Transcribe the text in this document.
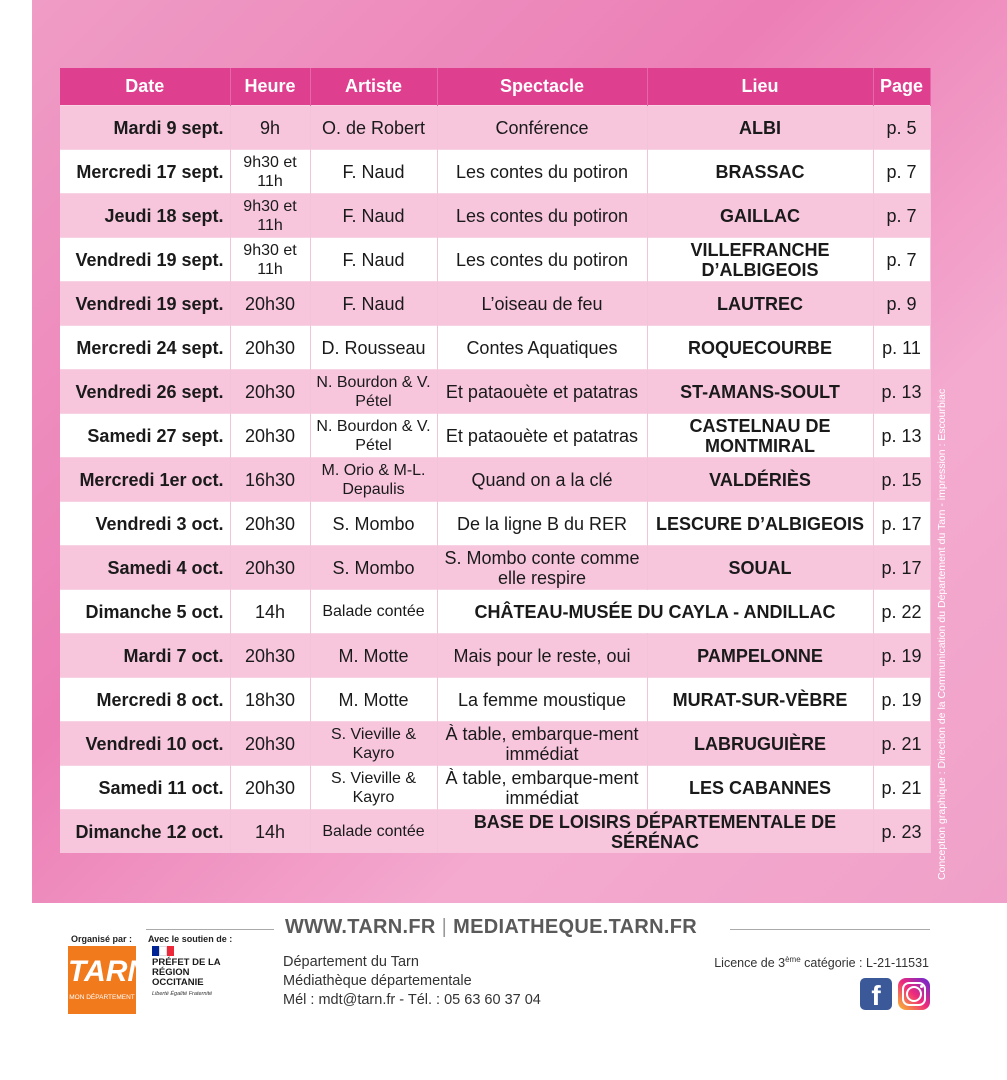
Date	Heure	Artiste	Spectacle	Lieu	Page
Mardi 9 sept.	9h	O. de Robert	Conférence	ALBI	p. 5
Mercredi 17 sept.	9h30 et 11h	F. Naud	Les contes du potiron	BRASSAC	p. 7
Jeudi 18 sept.	9h30 et 11h	F. Naud	Les contes du potiron	GAILLAC	p. 7
Vendredi 19 sept.	9h30 et 11h	F. Naud	Les contes du potiron	VILLEFRANCHE D’ALBIGEOIS	p. 7
Vendredi 19 sept.	20h30	F. Naud	L’oiseau de feu	LAUTREC	p. 9
Mercredi 24 sept.	20h30	D. Rousseau	Contes Aquatiques	ROQUECOURBE	p. 11
Vendredi 26 sept.	20h30	N. Bourdon & V. Pétel	Et pataouète et patatras	ST-AMANS-SOULT	p. 13
Samedi 27 sept.	20h30	N. Bourdon & V. Pétel	Et pataouète et patatras	CASTELNAU DE MONTMIRAL	p. 13
Mercredi 1er oct.	16h30	M. Orio & M-L. Depaulis	Quand on a la clé	VALDÉRIÈS	p. 15
Vendredi 3 oct.	20h30	S. Mombo	De la ligne B du RER	LESCURE D’ALBIGEOIS	p. 17
Samedi 4 oct.	20h30	S. Mombo	S. Mombo conte comme elle respire	SOUAL	p. 17
Dimanche 5 oct.	14h	Balade contée	CHÂTEAU-MUSÉE DU CAYLA - ANDILLAC		p. 22
Mardi 7 oct.	20h30	M. Motte	Mais pour le reste, oui	PAMPELONNE	p. 19
Mercredi 8 oct.	18h30	M. Motte	La femme moustique	MURAT-SUR-VÈBRE	p. 19
Vendredi 10 oct.	20h30	S. Vieville & Kayro	À table, embarque-ment immédiat	LABRUGUIÈRE	p. 21
Samedi 11 oct.	20h30	S. Vieville & Kayro	À table, embarque-ment immédiat	LES CABANNES	p. 21
Dimanche 12 oct.	14h	Balade contée	BASE DE LOISIRS DÉPARTEMENTALE DE SÉRÉNAC		p. 23 Conception graphique : Direction de la Communication du Département du Tarn - impression : Escourbiac
Organisé par : Avec le soutien de :
TARN
MON DÉPARTEMENT
PRÉFET DE LA RÉGION OCCITANIE
Liberté Égalité Fraternité
WWW.TARN.FR | MEDIATHEQUE.TARN.FR
Département du Tarn
Médiathèque départementale
Mél : mdt@tarn.fr - Tél. : 05 63 60 37 04
Licence de 3ème catégorie : L-21-11531
f
